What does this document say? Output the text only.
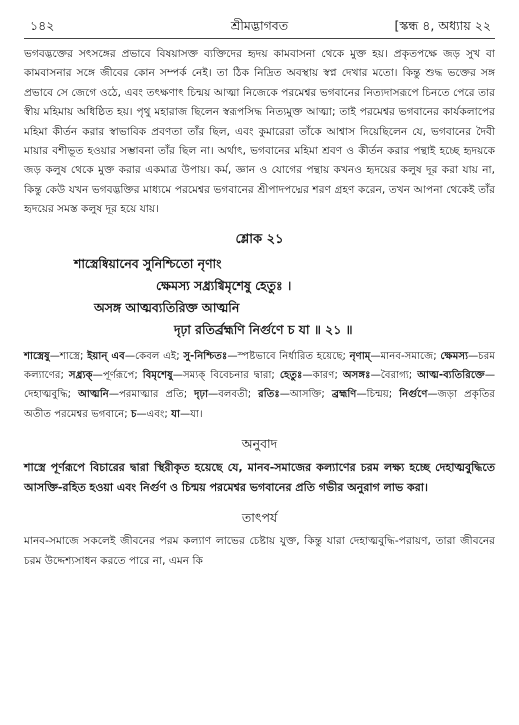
১৪২	শ্রীমদ্ভাগবত	[স্কন্ধ ৪, অধ্যায় ২২

ভগবদ্ভক্তের সৎসঙ্গের প্রভাবে বিষয়াসক্ত ব্যক্তিদের হৃদয় কামবাসনা থেকে মুক্ত হয়। প্রকৃতপক্ষে জড় সুখ বা কামবাসনার সঙ্গে জীবের কোন সম্পর্ক নেই। তা ঠিক নিদ্রিত অবস্থায় স্বপ্ন দেখার মতো। কিন্তু শুদ্ধ ভক্তের সঙ্গ প্রভাবে সে জেগে ওঠে, এবং তৎক্ষণাৎ চিন্ময় আত্মা নিজেকে পরমেশ্বর ভগবানের নিত্যদাসরূপে চিনতে পেরে তার স্বীয় মহিমায় অধিষ্ঠিত হয়। পৃথু মহারাজ ছিলেন স্বরূপসিদ্ধ নিত্যমুক্ত আত্মা; তাই পরমেশ্বর ভগবানের কার্যকলাপের মহিমা কীর্তন করার স্বাভাবিক প্রবণতা তাঁর ছিল, এবং কুমারেরা তাঁকে আশ্বাস দিয়েছিলেন যে, ভগবানের দৈবী মায়ার বশীভূত হওয়ার সম্ভাবনা তাঁর ছিল না। অর্থাৎ, ভগবানের মহিমা শ্রবণ ও কীর্তন করার পন্থাই হচ্ছে হৃদয়কে জড় কলুষ থেকে মুক্ত করার একমাত্র উপায়। কর্ম, জ্ঞান ও যোগের পন্থায় কখনও হৃদয়ের কলুষ দূর করা যায় না, কিন্তু কেউ যখন ভগবদ্ভক্তির মাধ্যমে পরমেশ্বর ভগবানের শ্রীপাদপদ্মের শরণ গ্রহণ করেন, তখন আপনা থেকেই তাঁর হৃদয়ের সমস্ত কলুষ দূর হয়ে যায়।

শ্লোক ২১
শাস্ত্রেষ্বিয়ানেব সুনিশ্চিতো নৃণাং
ক্ষেমস্য সধ্র্যগ্বিমৃশেষু হেতুঃ ।
অসঙ্গ আত্মব্যতিরিক্ত আত্মনি
দৃঢ়া রতির্ব্রহ্মণি নির্গুণে চ যা ॥ ২১ ॥

শাস্ত্রেষু—শাস্ত্রে; ইয়ান্ এব—কেবল এই; সু-নিশ্চিতঃ—স্পষ্টভাবে নির্ধারিত হয়েছে; নৃণাম্—মানব-সমাজে; ক্ষেমস্য—চরম কল্যাণের; সধ্র্যক্—পূর্ণরূপে; বিমৃশেষু—সম্যক্ বিবেচনার দ্বারা; হেতুঃ—কারণ; অসঙ্গঃ—বৈরাগ্য; আত্ম-ব্যতিরিক্তে—দেহাত্মবুদ্ধি; আত্মনি—পরমাত্মার প্রতি; দৃঢ়া—বলবতী; রতিঃ—আসক্তি; ব্রহ্মণি—চিন্ময়; নির্গুণে—জড়া প্রকৃতির অতীত পরমেশ্বর ভগবানে; চ—এবং; যা—যা।

অনুবাদ

শাস্ত্রে পূর্ণরূপে বিচারের দ্বারা স্থিরীকৃত হয়েছে যে, মানব-সমাজের কল্যাণের চরম লক্ষ্য হচ্ছে দেহাত্মবুদ্ধিতে আসক্তি-রহিত হওয়া এবং নির্গুণ ও চিন্ময় পরমেশ্বর ভগবানের প্রতি গভীর অনুরাগ লাভ করা।

তাৎপর্য

মানব-সমাজে সকলেই জীবনের পরম কল্যাণ লাভের চেষ্টায় যুক্ত, কিন্তু যারা দেহাত্মবুদ্ধি-পরায়ণ, তারা জীবনের চরম উদ্দেশ্যসাধন করতে পারে না, এমন কি
